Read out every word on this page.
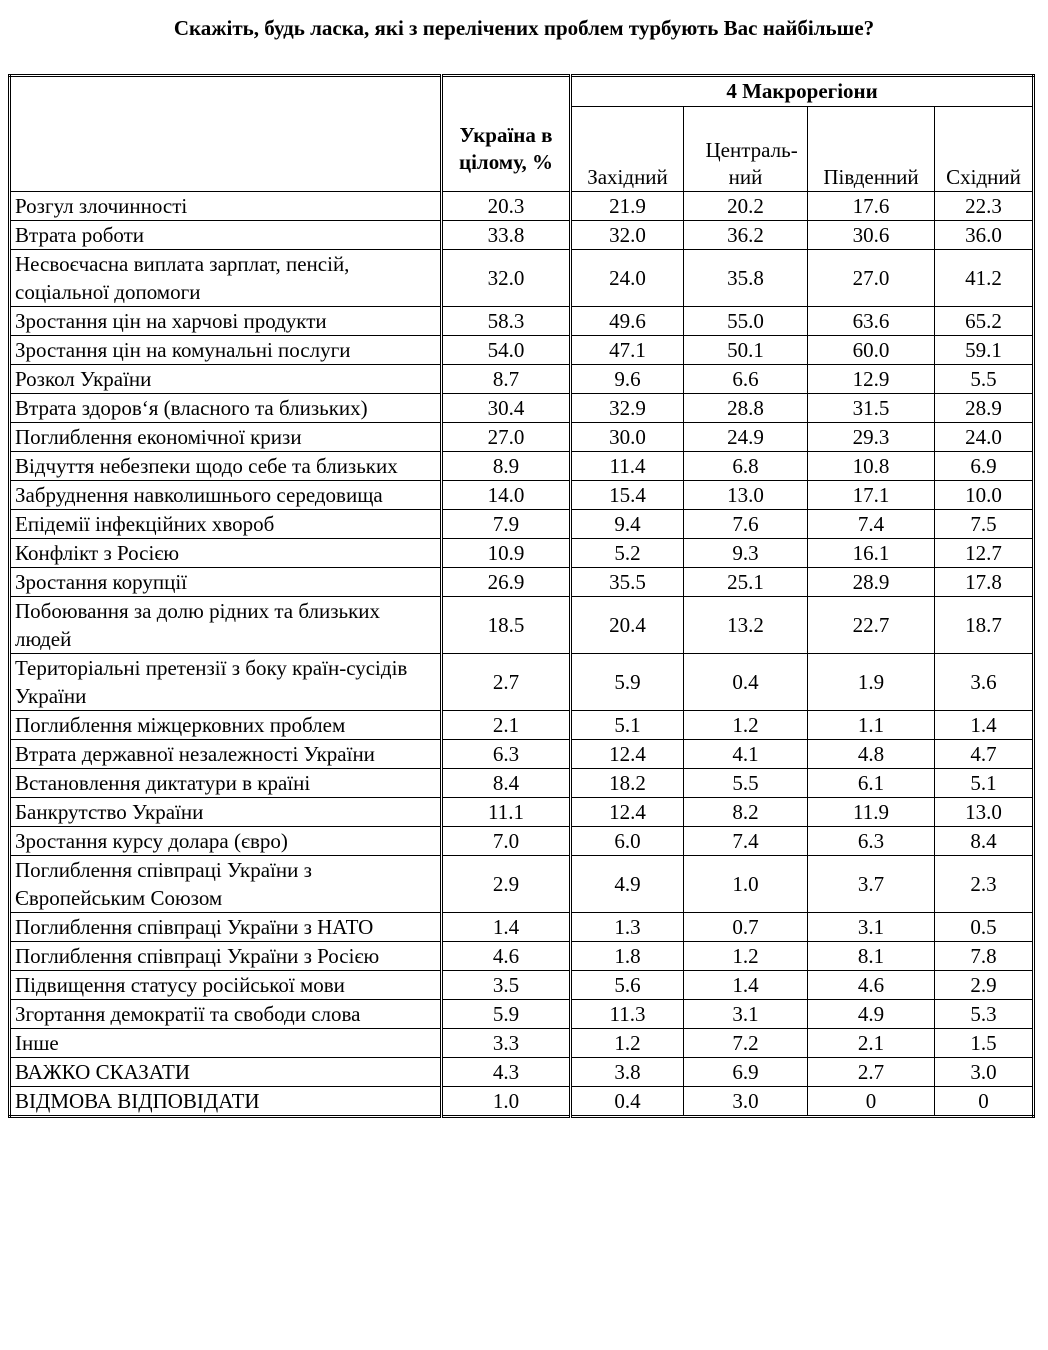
Скажіть, будь ласка, які з перелічених проблем турбують Вас найбільше?
	Україна в цілому, %	4 Макрорегіони			
		Західний	Централь-​ний	Південний	Східний
Розгул злочинності	20.3	21.9	20.2	17.6	22.3
Втрата роботи	33.8	32.0	36.2	30.6	36.0
Несвоєчасна виплата зарплат, пенсій, соціальної допомоги	32.0	24.0	35.8	27.0	41.2
Зростання цін на харчові продукти	58.3	49.6	55.0	63.6	65.2
Зростання цін на комунальні послуги	54.0	47.1	50.1	60.0	59.1
Розкол України	8.7	9.6	6.6	12.9	5.5
Втрата здоров‘я (власного та близьких)	30.4	32.9	28.8	31.5	28.9
Поглиблення економічної кризи	27.0	30.0	24.9	29.3	24.0
Відчуття небезпеки щодо себе та близьких	8.9	11.4	6.8	10.8	6.9
Забруднення навколишнього середовища	14.0	15.4	13.0	17.1	10.0
Епідемії інфекційних хвороб	7.9	9.4	7.6	7.4	7.5
Конфлікт з Росією	10.9	5.2	9.3	16.1	12.7
Зростання корупції	26.9	35.5	25.1	28.9	17.8
Побоювання за долю рідних та близьких людей	18.5	20.4	13.2	22.7	18.7
Територіальні претензії з боку країн-сусідів України	2.7	5.9	0.4	1.9	3.6
Поглиблення міжцерковних проблем	2.1	5.1	1.2	1.1	1.4
Втрата державної незалежності України	6.3	12.4	4.1	4.8	4.7
Встановлення диктатури в країні	8.4	18.2	5.5	6.1	5.1
Банкрутство України	11.1	12.4	8.2	11.9	13.0
Зростання курсу долара (євро)	7.0	6.0	7.4	6.3	8.4
Поглиблення співпраці України з Європейським Союзом	2.9	4.9	1.0	3.7	2.3
Поглиблення співпраці України з НАТО	1.4	1.3	0.7	3.1	0.5
Поглиблення співпраці України з Росією	4.6	1.8	1.2	8.1	7.8
Підвищення статусу російської мови	3.5	5.6	1.4	4.6	2.9
Згортання демократії та свободи слова	5.9	11.3	3.1	4.9	5.3
Інше	3.3	1.2	7.2	2.1	1.5
ВАЖКО СКАЗАТИ	4.3	3.8	6.9	2.7	3.0
ВІДМОВА ВІДПОВІДАТИ	1.0	0.4	3.0	0	0
